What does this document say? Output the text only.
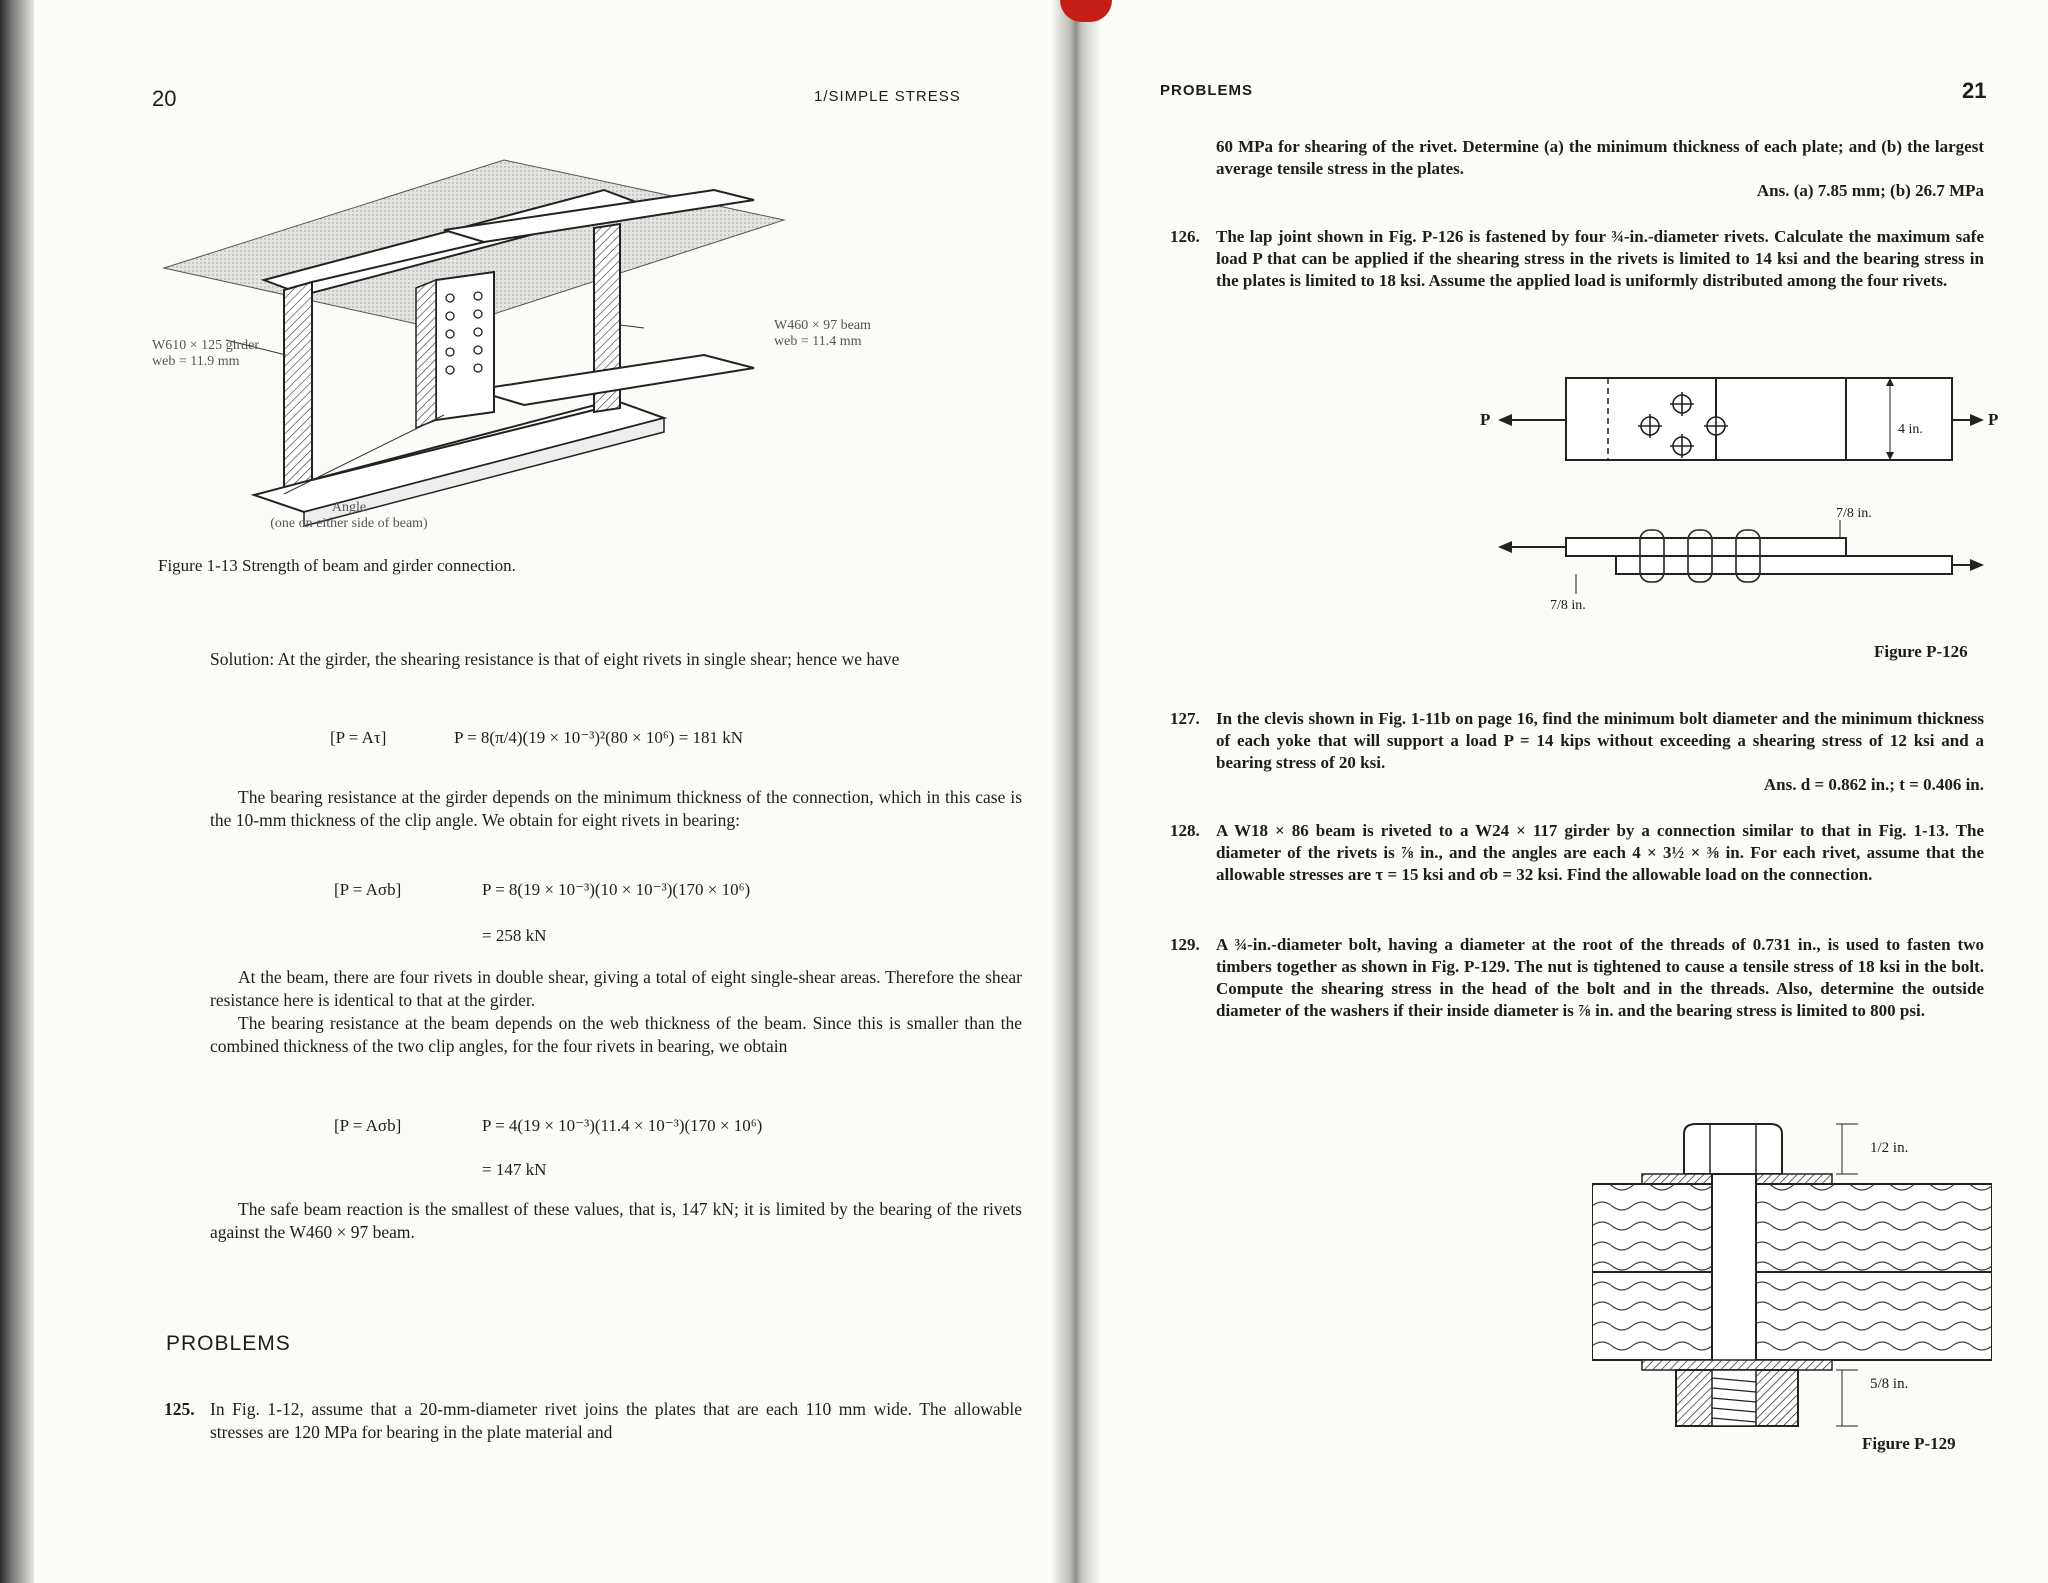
20	1/SIMPLE STRESS
W610 × 125 girder
web = 11.9 mm
W460 × 97 beam
web = 11.4 mm
Angle
(one on either side of beam)
Figure 1-13 Strength of beam and girder connection.

Solution: At the girder, the shearing resistance is that of eight rivets in single shear; hence we have

[P = Aτ]	P = 8(π/4)(19 × 10⁻³)²(80 × 10⁶) = 181 kN

The bearing resistance at the girder depends on the minimum thickness of the connection, which in this case is the 10-mm thickness of the clip angle. We obtain for eight rivets in bearing:

[P = Aσb]	P = 8(19 × 10⁻³)(10 × 10⁻³)(170 × 10⁶)
= 258 kN

At the beam, there are four rivets in double shear, giving a total of eight single-shear areas. Therefore the shear resistance here is identical to that at the girder.

The bearing resistance at the beam depends on the web thickness of the beam. Since this is smaller than the combined thickness of the two clip angles, for the four rivets in bearing, we obtain

[P = Aσb]	P = 4(19 × 10⁻³)(11.4 × 10⁻³)(170 × 10⁶)
= 147 kN

The safe beam reaction is the smallest of these values, that is, 147 kN; it is limited by the bearing of the rivets against the W460 × 97 beam.

PROBLEMS
125. In Fig. 1-12, assume that a 20-mm-diameter rivet joins the plates that are each 110 mm wide. The allowable stresses are 120 MPa for bearing in the plate material and
PROBLEMS	21
60 MPa for shearing of the rivet. Determine (a) the minimum thickness of each plate; and (b) the largest average tensile stress in the plates.
Ans. (a) 7.85 mm; (b) 26.7 MPa
126. The lap joint shown in Fig. P-126 is fastened by four ¾-in.-diameter rivets. Calculate the maximum safe load P that can be applied if the shearing stress in the rivets is limited to 14 ksi and the bearing stress in the plates is limited to 18 ksi. Assume the applied load is uniformly distributed among the four rivets.
P	P
4 in.
7/8 in.
7/8 in.
Figure P-126
127. In the clevis shown in Fig. 1-11b on page 16, find the minimum bolt diameter and the minimum thickness of each yoke that will support a load P = 14 kips without exceeding a shearing stress of 12 ksi and a bearing stress of 20 ksi.
Ans. d = 0.862 in.; t = 0.406 in.
128. A W18 × 86 beam is riveted to a W24 × 117 girder by a connection similar to that in Fig. 1-13. The diameter of the rivets is ⅞ in., and the angles are each 4 × 3½ × ⅜ in. For each rivet, assume that the allowable stresses are τ = 15 ksi and σb = 32 ksi. Find the allowable load on the connection.
129. A ¾-in.-diameter bolt, having a diameter at the root of the threads of 0.731 in., is used to fasten two timbers together as shown in Fig. P-129. The nut is tightened to cause a tensile stress of 18 ksi in the bolt. Compute the shearing stress in the head of the bolt and in the threads. Also, determine the outside diameter of the washers if their inside diameter is ⅞ in. and the bearing stress is limited to 800 psi.
1/2 in.
5/8 in.
Figure P-129
